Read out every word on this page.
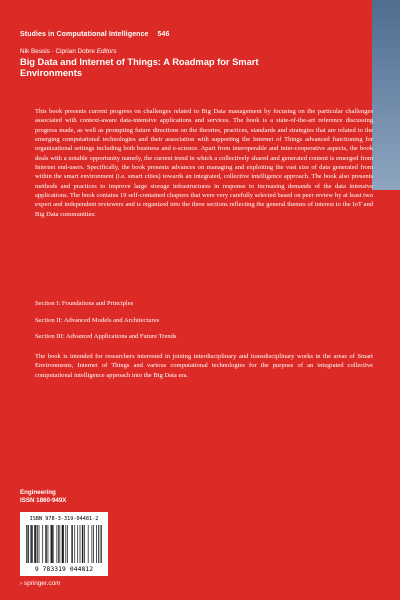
Studies in Computational Intelligence 546
Nik Bessis · Ciprian Dobre Editors
Big Data and Internet of Things: A Roadmap for Smart Environments

This book presents current progress on challenges related to Big Data management by focusing on the particular challenges associated with context-aware data-intensive applications and services. The book is a state-of-the-art reference discussing progress made, as well as prompting future directions on the theories, practices, standards and strategies that are related to the emerging computational technologies and their association with supporting the Internet of Things advanced functioning for organizational settings including both business and e-science. Apart from interoperable and inter-cooperative aspects, the book deals with a notable opportunity namely, the current trend in which a collectively shared and generated content is emerged from Internet end-users. Specifically, the book presents advances on managing and exploiting the vast size of data generated from within the smart environment (i.e. smart cities) towards an integrated, collective intelligence approach. The book also presents methods and practices to improve large storage infrastructures in response to increasing demands of the data intensive applications. The book contains 19 self-contained chapters that were very carefully selected based on peer review by at least two expert and independent reviewers and is organized into the three sections reflecting the general themes of interest to the IoT and Big Data communities:

Section I: Foundations and Principles

Section II: Advanced Models and Architectures

Section III: Advanced Applications and Future Trends

The book is intended for researchers interested in joining interdisciplinary and transdisciplinary works in the areas of Smart Environments, Internet of Things and various computational technologies for the purpose of an integrated collective computational intelligence approach into the Big Data era.

Engineering
ISSN 1860-949X
ISBN 978-3-319-04481-2
9 783319 044812
› springer.com
